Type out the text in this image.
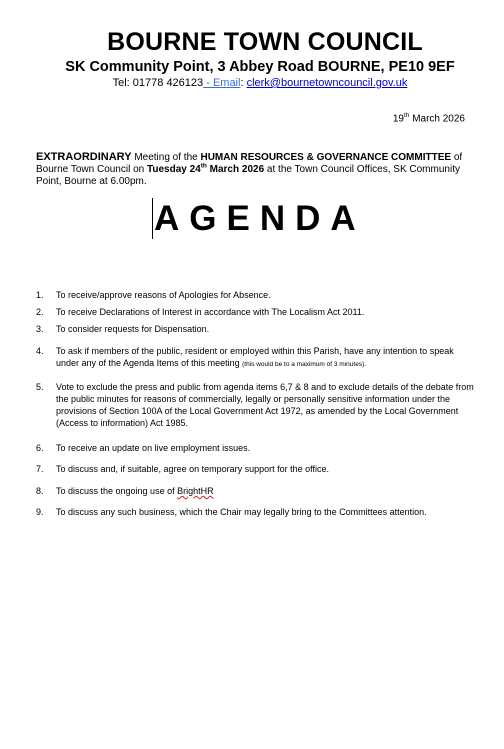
BOURNE TOWN COUNCIL
SK Community Point, 3 Abbey Road BOURNE, PE10 9EF
Tel: 01778 426123 - Email: clerk@bournetowncouncil.gov.uk
19th March 2026
EXTRAORDINARY Meeting of the HUMAN RESOURCES & GOVERNANCE COMMITTEE of Bourne Town Council on Tuesday 24th March 2026 at the Town Council Offices, SK Community Point, Bourne at 6.00pm.
AGENDA
1.	To receive/approve reasons of Apologies for Absence.
2.	To receive Declarations of Interest in accordance with The Localism Act 2011.
3.	To consider requests for Dispensation.
4.	To ask if members of the public, resident or employed within this Parish, have any intention to speak under any of the Agenda Items of this meeting (this would be to a maximum of 3 minutes).
5.	Vote to exclude the press and public from agenda items 6,7 & 8 and to exclude details of the debate from the public minutes for reasons of commercially, legally or personally sensitive information under the provisions of Section 100A of the Local Government Act 1972, as amended by the Local Government (Access to information) Act 1985.
6.	To receive an update on live employment issues.
7.	To discuss and, if suitable, agree on temporary support for the office.
8.	To discuss the ongoing use of BrightHR
9.	To discuss any such business, which the Chair may legally bring to the Committees attention.
